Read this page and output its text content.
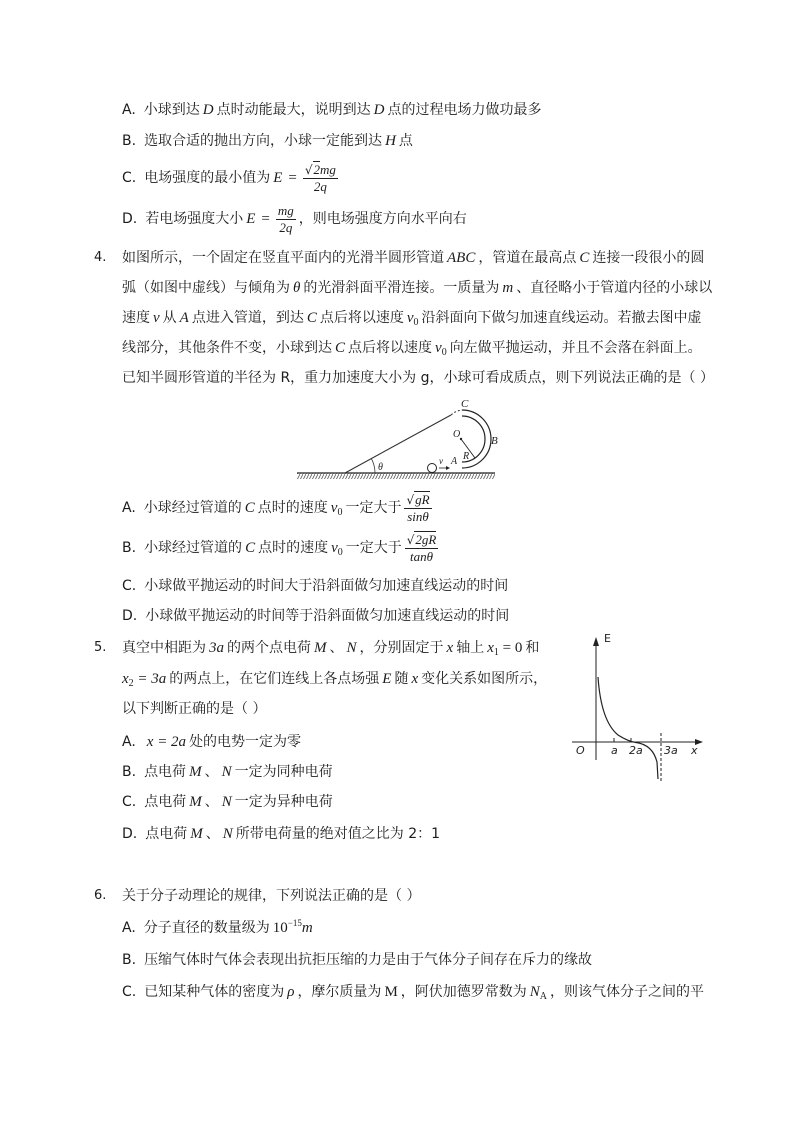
A. 小球到达 D 点时动能最大，说明到达 D 点的过程电场力做功最多
B. 选取合适的抛出方向，小球一定能到达 H 点
C. 电场强度的最小值为 $E = \frac{√2mg}{2q}$
D. 若电场强度大小 $E = \frac{mg}{2q}$ ，则电场强度方向水平向右
4. 如图所示，一个固定在竖直平面内的光滑半圆形管道 ABC ，管道在最高点 C 连接一段很小的圆
弧（如图中虚线）与倾角为 θ 的光滑斜面平滑连接。一质量为 m 、直径略小于管道内径的小球以
速度 v 从 A 点进入管道，到达 C 点后将以速度 $v_0$ 沿斜面向下做匀加速直线运动。若撤去图中虚
线部分，其他条件不变，小球到达 C 点后将以速度 $v_0$ 向左做平抛运动，并且不会落在斜面上。
已知半圆形管道的半径为 R，重力加速度大小为 g，小球可看成质点，则下列说法正确的是（ ）
C
O
B
R
A
v
θ
A. 小球经过管道的 C 点时的速度 $v_0$ 一定大于 $\frac{√gR}{\sin\theta}$
B. 小球经过管道的 C 点时的速度 $v_0$ 一定大于 $\frac{√2gR}{\tan\theta}$
C. 小球做平抛运动的时间大于沿斜面做匀加速直线运动的时间
D. 小球做平抛运动的时间等于沿斜面做匀加速直线运动的时间
5. 真空中相距为 3a 的两个点电荷 M 、 N ，分别固定于 x 轴上 $x_1 = 0$ 和
$x_2 = 3a$ 的两点上，在它们连线上各点场强 E 随 x 变化关系如图所示，
以下判断正确的是（ ）
A. x = 2a 处的电势一定为零
B. 点电荷 M 、 N 一定为同种电荷
C. 点电荷 M 、 N 一定为异种电荷
D. 点电荷 M 、 N 所带电荷量的绝对值之比为 2：1
E
O a 2a 3a x
6. 关于分子动理论的规律，下列说法正确的是（ ）
A. 分子直径的数量级为 $10^{-15}m$
B. 压缩气体时气体会表现出抗拒压缩的力是由于气体分子间存在斥力的缘故
C. 已知某种气体的密度为 ρ ，摩尔质量为 M ，阿伏加德罗常数为 $N_A$ ，则该气体分子之间的平
